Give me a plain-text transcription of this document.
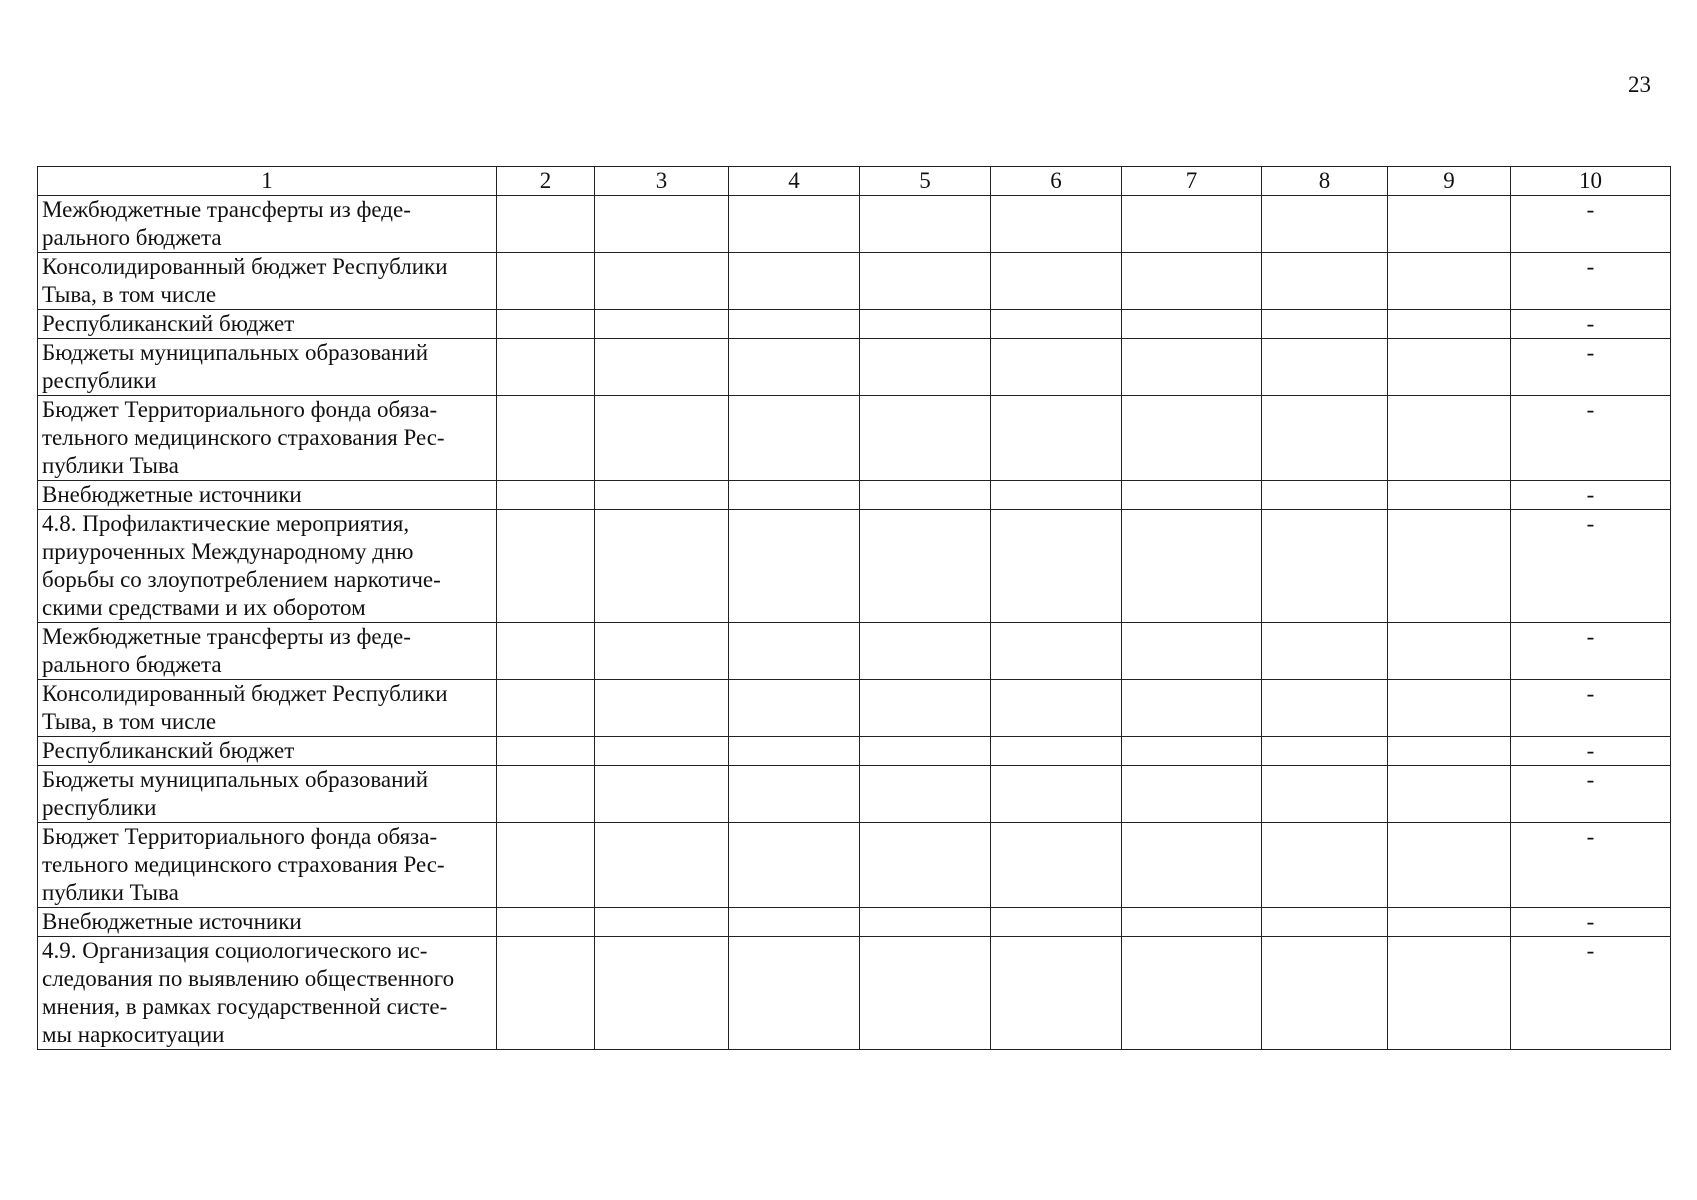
23
1	2	3	4	5	6	7	8	9	10

Межбюджетные трансферты из феде-
рального бюджета									-

Консолидированный бюджет Республики
Тыва, в том числе									-

Республиканский бюджет									-

Бюджеты муниципальных образований
республики									-

Бюджет Территориального фонда обяза-
тельного медицинского страхования Рес-
публики Тыва									-

Внебюджетные источники									-

4.8. Профилактические мероприятия,
приуроченных Международному дню
борьбы со злоупотреблением наркотиче-
скими средствами и их оборотом									-

Межбюджетные трансферты из феде-
рального бюджета									-

Консолидированный бюджет Республики
Тыва, в том числе									-

Республиканский бюджет									-

Бюджеты муниципальных образований
республики									-

Бюджет Территориального фонда обяза-
тельного медицинского страхования Рес-
публики Тыва									-

Внебюджетные источники									-

4.9. Организация социологического ис-
следования по выявлению общественного
мнения, в рамках государственной систе-
мы наркоситуации									-
